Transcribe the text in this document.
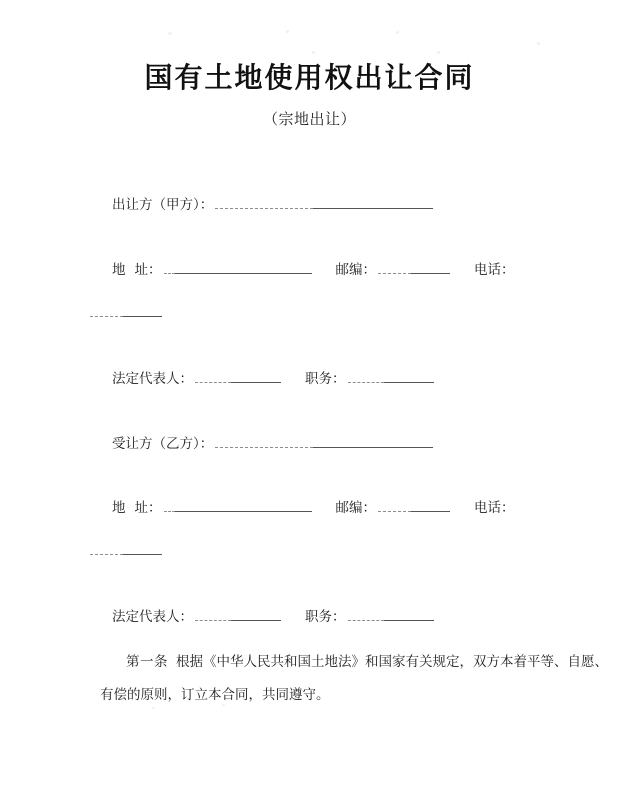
国有土地使用权出让合同
（宗地出让）
出让方（甲方）：
地 址：	邮编：	电话：
法定代表人：	职务：
受让方（乙方）：
地 址：	邮编：	电话：
法定代表人：	职务：
第一条 根据《中华人民共和国土地法》和国家有关规定，双方本着平等、自愿、
有偿的原则，订立本合同，共同遵守。
